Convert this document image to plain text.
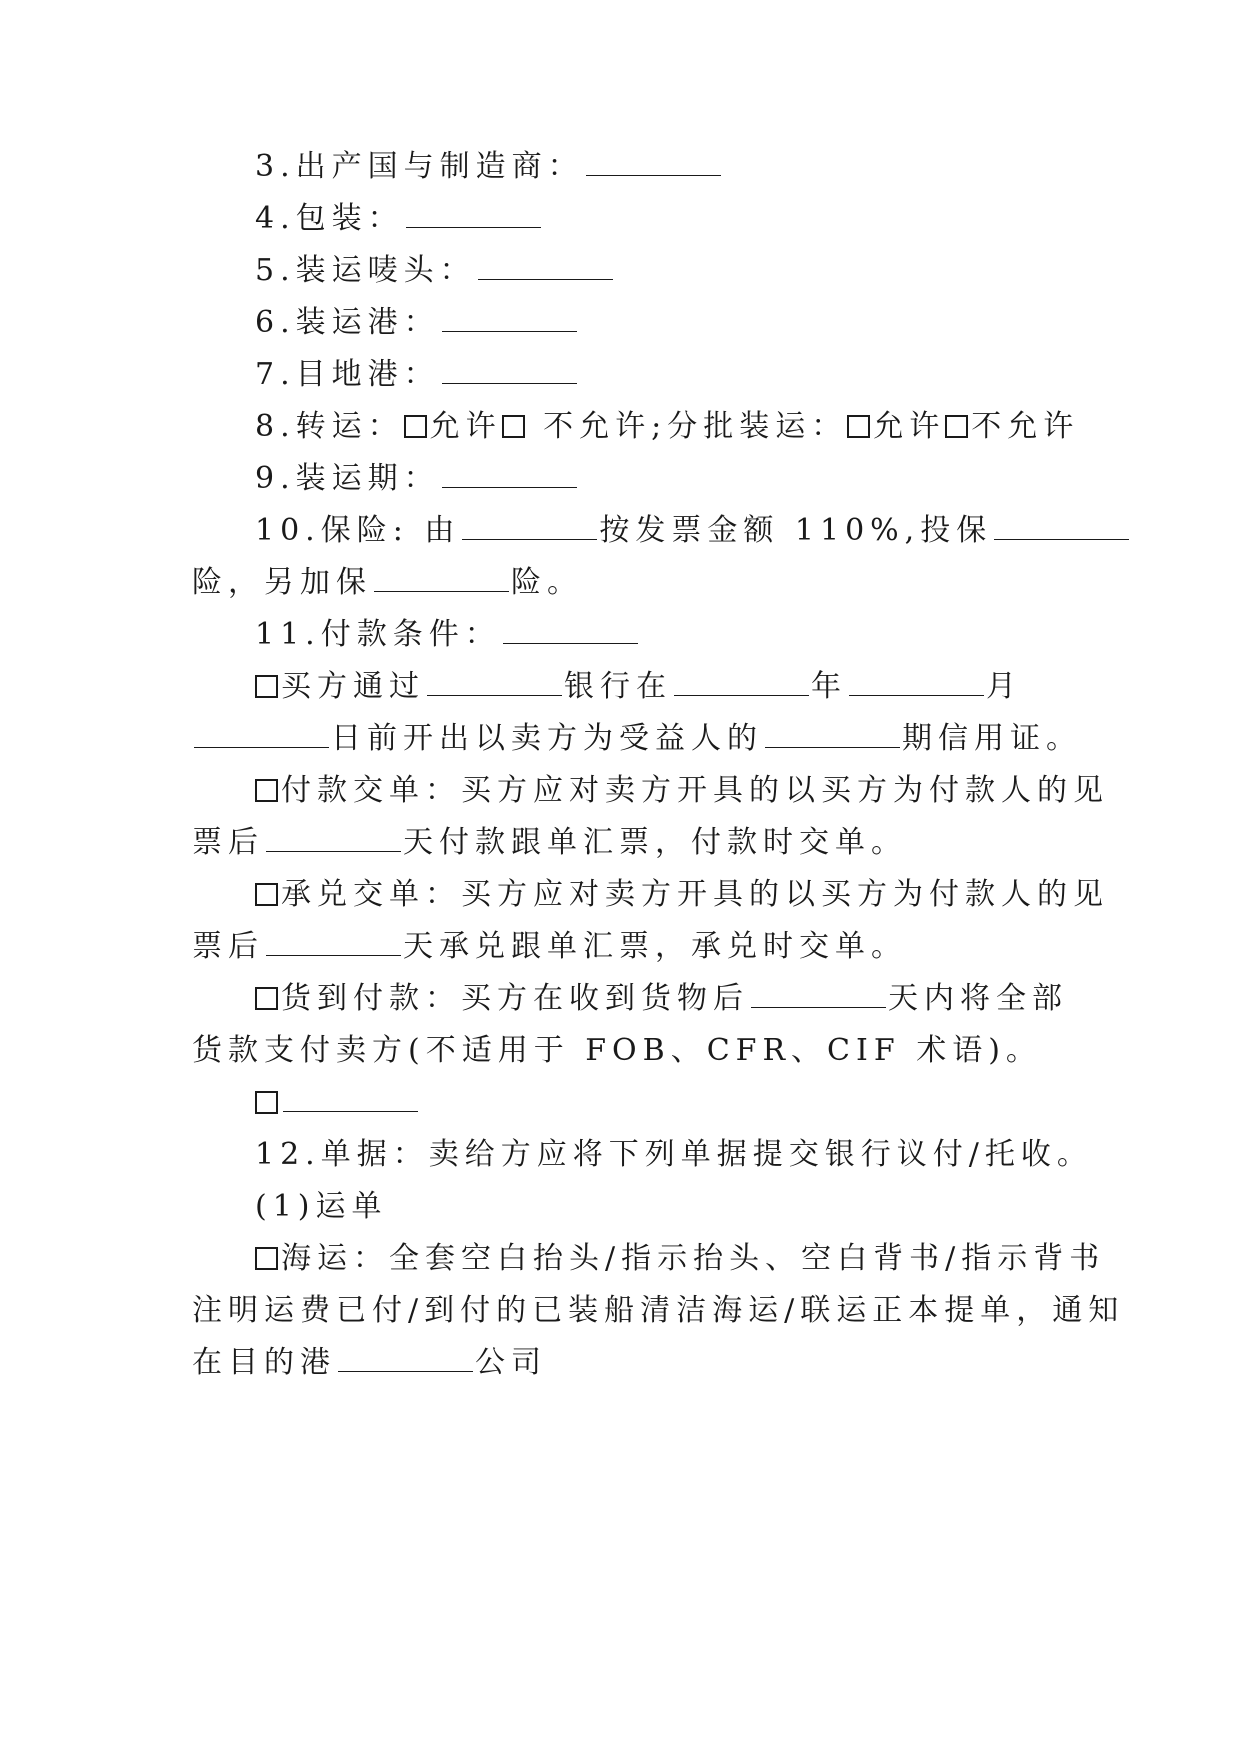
3.出产国与制造商：
4.包装：
5.装运唛头：
6.装运港：
7.目地港：
8.转运： 允许 不允许;分批装运： 允许 不允许
9.装运期：
10.保险: 由	按发票金额 110%,投保
险，另加保	险。
11.付款条件：
买方通过	银行在	年	月
日前开出以卖方为受益人的	期信用证。
付款交单：买方应对卖方开具的以买方为付款人的见
票后	天付款跟单汇票，付款时交单。
承兑交单：买方应对卖方开具的以买方为付款人的见
票后	天承兑跟单汇票，承兑时交单。
货到付款：买方在收到货物后	天内将全部
货款支付卖方(不适用于 FOB、CFR、CIF 术语)。
12.单据：卖给方应将下列单据提交银行议付/托收。
(1)运单
海运：全套空白抬头/指示抬头、空白背书/指示背书
注明运费已付/到付的已装船清洁海运/联运正本提单，通知
在目的港	公司
